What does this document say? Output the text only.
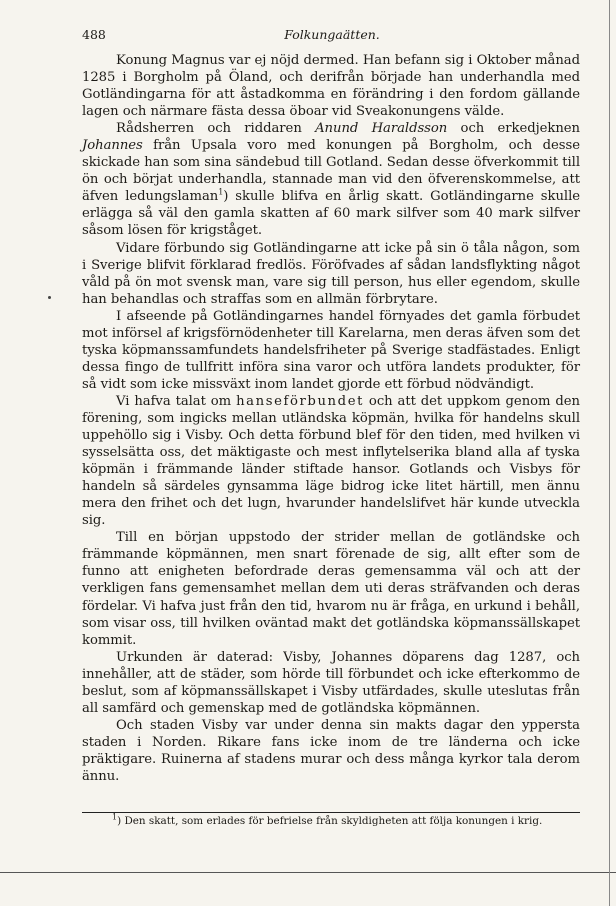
488	Folkungaätten.

Konung Magnus var ej nöjd dermed. Han befann sig i Oktober månad 1285 i Borgholm på Öland, och derifrån började han underhandla med Gotländingarna för att åstadkomma en förändring i den fordom gällande lagen och närmare fästa dessa öboar vid Sveakonungens välde.

Rådsherren och riddaren Anund Haraldsson och erkedjeknen Johannes från Upsala voro med konungen på Borgholm, och desse skickade han som sina sändebud till Gotland. Sedan desse öfverkommit till ön och börjat underhandla, stannade man vid den öfverenskommelse, att äfven ledungslaman$^1$) skulle blifva en årlig skatt. Gotländingarne skulle erlägga så väl den gamla skatten af 60 mark silfver som 40 mark silfver såsom lösen för krigståget.

Vidare förbundo sig Gotländingarne att icke på sin ö tåla någon, som i Sverige blifvit förklarad fredlös. Föröfvades af sådan landsflykting något våld på ön mot svensk man, vare sig till person, hus eller egendom, skulle han behandlas och straffas som en allmän förbrytare.

I afseende på Gotländingarnes handel förnyades det gamla förbudet mot införsel af krigsförnödenheter till Karelarna, men deras äfven som det tyska köpmanssamfundets handelsfriheter på Sverige stadfästades. Enligt dessa fingo de tullfritt införa sina varor och utföra landets produkter, för så vidt som icke missväxt inom landet gjorde ett förbud nödvändigt.

Vi hafva talat om hanseförbundet och att det uppkom genom den förening, som ingicks mellan utländska köpmän, hvilka för handelns skull uppehöllo sig i Visby. Och detta förbund blef för den tiden, med hvilken vi sysselsätta oss, det mäktigaste och mest inflytelserika bland alla af tyska köpmän i främmande länder stiftade hansor. Gotlands och Visbys för handeln så särdeles gynsamma läge bidrog icke litet härtill, men ännu mera den frihet och det lugn, hvarunder handelslifvet här kunde utveckla sig.

Till en början uppstodo der strider mellan de gotländske och främmande köpmännen, men snart förenade de sig, allt efter som de funno att enigheten befordrade deras gemensamma väl och att der verkligen fans gemensamhet mellan dem uti deras sträfvanden och deras fördelar. Vi hafva just från den tid, hvarom nu är fråga, en urkund i behåll, som visar oss, till hvilken oväntad makt det gotländska köpmanssällskapet kommit.

Urkunden är daterad: Visby, Johannes döparens dag 1287, och innehåller, att de städer, som hörde till förbundet och icke efterkommo de beslut, som af köpmanssällskapet i Visby utfärdades, skulle uteslutas från all samfärd och gemenskap med de gotländska köpmännen.

Och staden Visby var under denna sin makts dagar den yppersta staden i Norden. Rikare fans icke inom de tre länderna och icke präktigare. Ruinerna af stadens murar och dess många kyrkor tala derom ännu.

$^1$) Den skatt, som erlades för befrielse från skyldigheten att följa konungen i krig.
